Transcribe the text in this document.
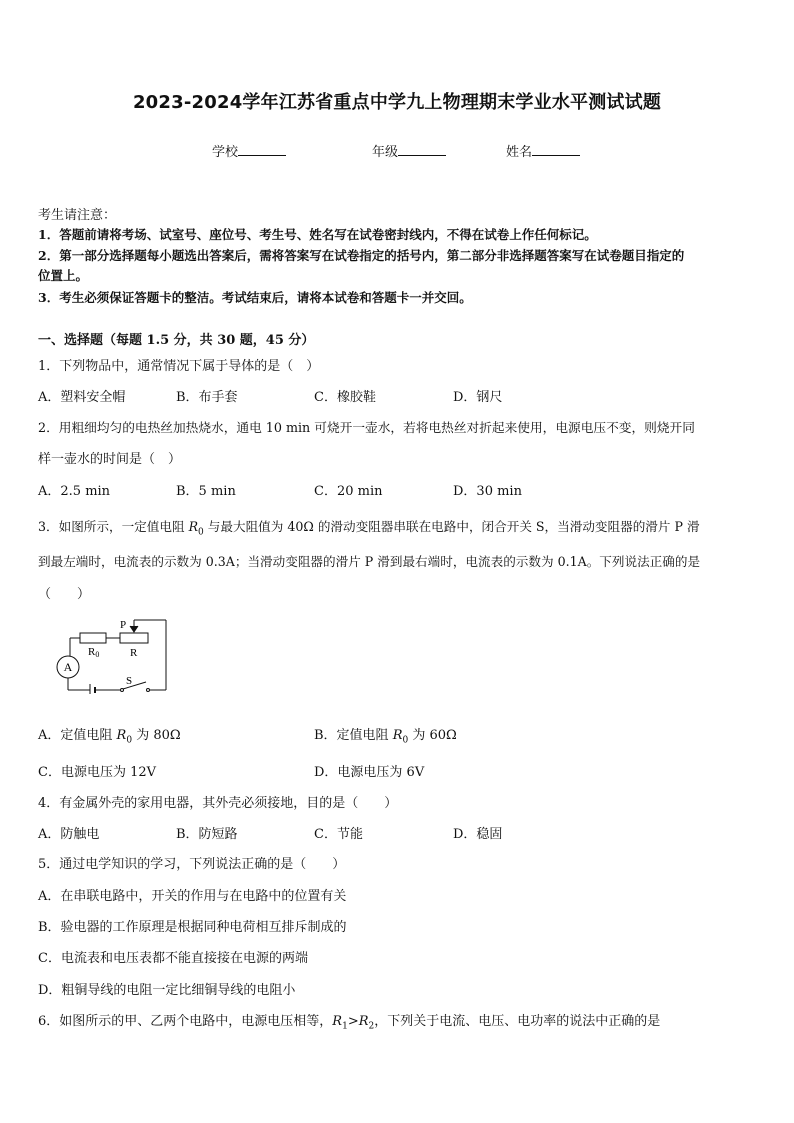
2023-2024学年江苏省重点中学九上物理期末学业水平测试试题
学校	年级	姓名
考生请注意：
1．答题前请将考场、试室号、座位号、考生号、姓名写在试卷密封线内，不得在试卷上作任何标记。
2．第一部分选择题每小题选出答案后，需将答案写在试卷指定的括号内，第二部分非选择题答案写在试卷题目指定的
位置上。
3．考生必须保证答题卡的整洁。考试结束后，请将本试卷和答题卡一并交回。
一、选择题（每题 1.5 分，共 30 题，45 分）
1．下列物品中，通常情况下属于导体的是（　）
A．塑料安全帽	B．布手套	C．橡胶鞋	D．钢尺
2．用粗细均匀的电热丝加热烧水，通电 10 min 可烧开一壶水，若将电热丝对折起来使用，电源电压不变，则烧开同
样一壶水的时间是（　）
A．2.5 min	B．5 min	C．20 min	D．30 min
3．如图所示，一定值电阻 $R_0$ 与最大阻值为 40Ω 的滑动变阻器串联在电路中，闭合开关 S，当滑动变阻器的滑片 P 滑
到最左端时，电流表的示数为 0.3A；当滑动变阻器的滑片 P 滑到最右端时，电流表的示数为 0.1A。下列说法正确的是
（　　）
A
R0	R
P
S
A．定值电阻 $R_0$ 为 80Ω	B．定值电阻 $R_0$ 为 60Ω
C．电源电压为 12V	D．电源电压为 6V
4．有金属外壳的家用电器，其外壳必须接地，目的是（　　）
A．防触电	B．防短路	C．节能	D．稳固
5．通过电学知识的学习，下列说法正确的是（　　）
A．在串联电路中，开关的作用与在电路中的位置有关
B．验电器的工作原理是根据同种电荷相互排斥制成的
C．电流表和电压表都不能直接接在电源的两端
D．粗铜导线的电阻一定比细铜导线的电阻小
6．如图所示的甲、乙两个电路中，电源电压相等，$R_1>R_2$，下列关于电流、电压、电功率的说法中正确的是
